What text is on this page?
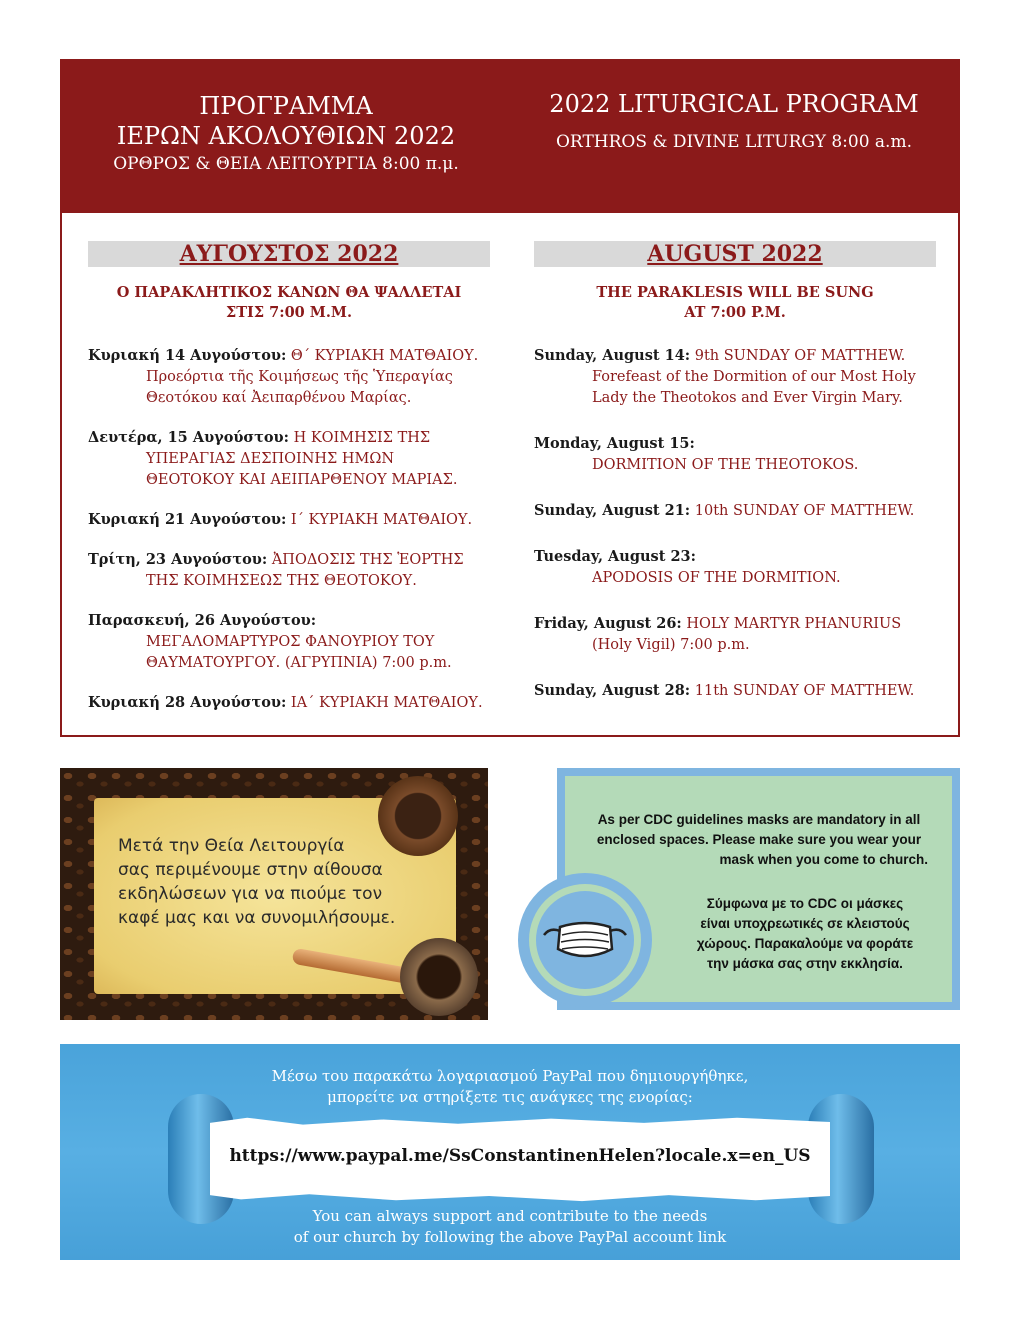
ΠΡΟΓΡΑΜΜΑ
ΙΕΡΩΝ ΑΚΟΛΟΥΘΙΩΝ 2022
ΟΡΘΡΟΣ & ΘΕΙΑ ΛΕΙΤΟΥΡΓΙΑ 8:00 π.μ.
2022 LITURGICAL PROGRAM
ORTHROS & DIVINE LITURGY 8:00 a.m.
ΑΥΓΟΥΣΤΟΣ 2022
Ο ΠΑΡΑΚΛΗΤΙΚΟΣ ΚΑΝΩΝ ΘΑ ΨΑΛΛΕΤΑΙ
ΣΤΙΣ 7:00 Μ.Μ.
Κυριακή 14 Αυγούστου: Θ΄ ΚΥΡΙΑΚΗ ΜΑΤΘΑΙΟΥ.
Προεόρτια τῆς Κοιμήσεως τῆς Ὑπεραγίας
Θεοτόκου καί Ἀειπαρθένου Μαρίας.
Δευτέρα, 15 Αυγούστου: Η ΚΟΙΜΗΣΙΣ ΤΗΣ
ΥΠΕΡΑΓΙΑΣ ΔΕΣΠΟΙΝΗΣ ΗΜΩΝ
ΘΕΟΤΟΚΟΥ ΚΑΙ ΑΕΙΠΑΡΘΕΝΟΥ ΜΑΡΙΑΣ.
Κυριακή 21 Αυγούστου: Ι΄ ΚΥΡΙΑΚΗ ΜΑΤΘΑΙΟΥ.
Τρίτη, 23 Αυγούστου: ἈΠΟΔΟΣΙΣ ΤΗΣ ἙΟΡΤΗΣ
ΤΗΣ ΚΟΙΜΗΣΕΩΣ ΤΗΣ ΘΕΟΤΟΚΟΥ.
Παρασκευή, 26 Αυγούστου:
ΜΕΓΑΛΟΜΑΡΤΥΡΟΣ ΦΑΝΟΥΡΙΟΥ ΤΟΥ
ΘΑΥΜΑΤΟΥΡΓΟΥ. (ΑΓΡΥΠΝΙΑ) 7:00 p.m.
Κυριακή 28 Αυγούστου: ΙΑ΄ ΚΥΡΙΑΚΗ ΜΑΤΘΑΙΟΥ.
AUGUST 2022
THE PARAKLESIS WILL BE SUNG
AT 7:00 P.M.
Sunday, August 14: 9th SUNDAY OF MATTHEW.
Forefeast of the Dormition of our Most Holy
Lady the Theotokos and Ever Virgin Mary.
Monday, August 15:
DORMITION OF THE THEOTOKOS.
Sunday, August 21: 10th SUNDAY OF MATTHEW.
Tuesday, August 23:
APODOSIS OF THE DORMITION.
Friday, August 26: HOLY MARTYR PHANURIUS
(Holy Vigil) 7:00 p.m.
Sunday, August 28: 11th SUNDAY OF MATTHEW.
Μετά την Θεία Λειτουργία
σας περιμένουμε στην αίθουσα
εκδηλώσεων για να πιούμε τον
καφέ μας και να συνομιλήσουμε.
As per CDC guidelines masks are mandatory in all
enclosed spaces. Please make sure you wear your
mask when you come to church.
Σύμφωνα με το CDC οι μάσκες
είναι υποχρεωτικές σε κλειστούς
χώρους. Παρακαλούμε να φοράτε
την μάσκα σας στην εκκλησία.
Μέσω του παρακάτω λογαριασμού PayPal που δημιουργήθηκε,
μπορείτε να στηρίξετε τις ανάγκες της ενορίας:
https://www.paypal.me/SsConstantinenHelen?locale.x=en_US
You can always support and contribute to the needs
of our church by following the above PayPal account link
